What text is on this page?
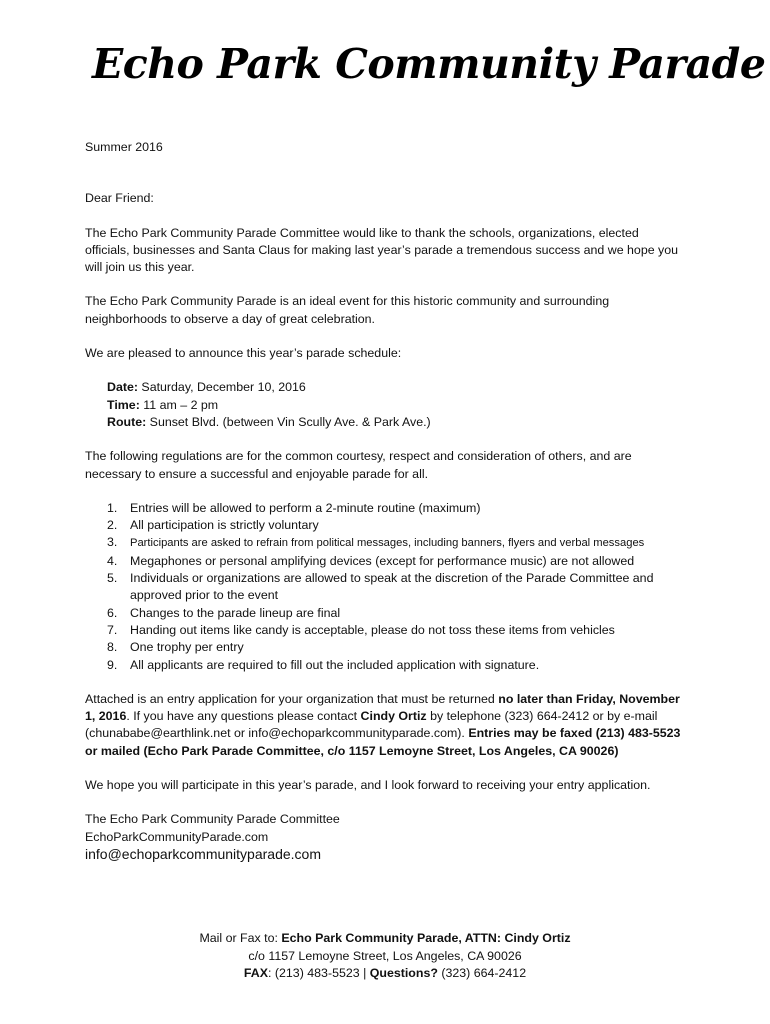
Echo Park Community Parade

Summer 2016

Dear Friend:

The Echo Park Community Parade Committee would like to thank the schools, organizations, elected officials, businesses and Santa Claus for making last year’s parade a tremendous success and we hope you will join us this year.

The Echo Park Community Parade is an ideal event for this historic community and surrounding neighborhoods to observe a day of great celebration.

We are pleased to announce this year’s parade schedule:

Date: Saturday, December 10, 2016
Time: 11 am – 2 pm
Route: Sunset Blvd. (between Vin Scully Ave. & Park Ave.)

The following regulations are for the common courtesy, respect and consideration of others, and are necessary to ensure a successful and enjoyable parade for all.

1. Entries will be allowed to perform a 2-minute routine (maximum)
2. All participation is strictly voluntary
3. Participants are asked to refrain from political messages, including banners, flyers and verbal messages
4. Megaphones or personal amplifying devices (except for performance music) are not allowed
5. Individuals or organizations are allowed to speak at the discretion of the Parade Committee and approved prior to the event
6. Changes to the parade lineup are final
7. Handing out items like candy is acceptable, please do not toss these items from vehicles
8. One trophy per entry
9. All applicants are required to fill out the included application with signature.

Attached is an entry application for your organization that must be returned no later than Friday, November 1, 2016. If you have any questions please contact Cindy Ortiz by telephone (323) 664-2412 or by e-mail (chunababe@earthlink.net or info@echoparkcommunityparade.com). Entries may be faxed (213) 483-5523 or mailed (Echo Park Parade Committee, c/o 1157 Lemoyne Street, Los Angeles, CA 90026)

We hope you will participate in this year’s parade, and I look forward to receiving your entry application.

The Echo Park Community Parade Committee
EchoParkCommunityParade.com
info@echoparkcommunityparade.com
Mail or Fax to: Echo Park Community Parade, ATTN: Cindy Ortiz
c/o 1157 Lemoyne Street, Los Angeles, CA 90026
FAX: (213) 483-5523 | Questions? (323) 664-2412
